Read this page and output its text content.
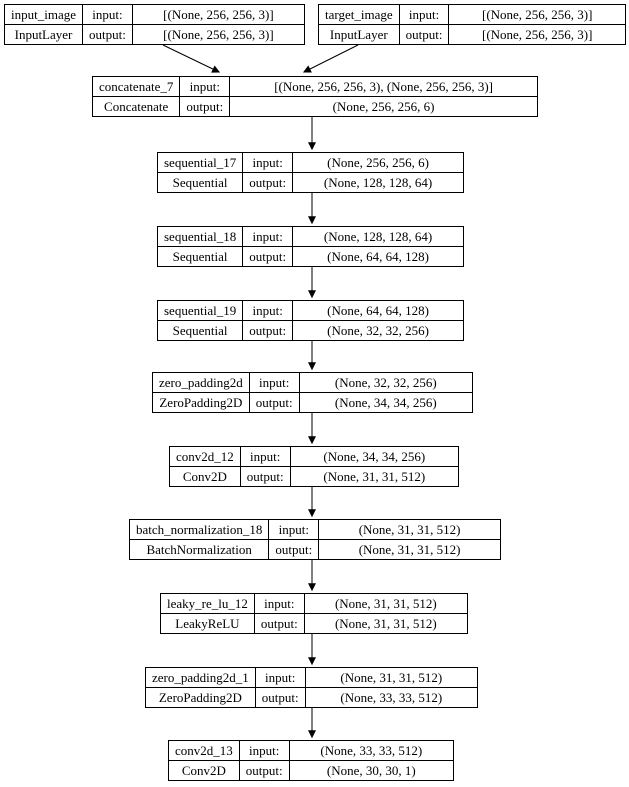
input_image	input:	[(None, 256, 256, 3)]
InputLayer	output:	[(None, 256, 256, 3)]
target_image	input:	[(None, 256, 256, 3)]
InputLayer	output:	[(None, 256, 256, 3)]
concatenate_7	input:	[(None, 256, 256, 3), (None, 256, 256, 3)]
Concatenate	output:	(None, 256, 256, 6)
sequential_17	input:	(None, 256, 256, 6)
Sequential	output:	(None, 128, 128, 64)
sequential_18	input:	(None, 128, 128, 64)
Sequential	output:	(None, 64, 64, 128)
sequential_19	input:	(None, 64, 64, 128)
Sequential	output:	(None, 32, 32, 256)
zero_padding2d	input:	(None, 32, 32, 256)
ZeroPadding2D	output:	(None, 34, 34, 256)
conv2d_12	input:	(None, 34, 34, 256)
Conv2D	output:	(None, 31, 31, 512)
batch_normalization_18	input:	(None, 31, 31, 512)
BatchNormalization	output:	(None, 31, 31, 512)
leaky_re_lu_12	input:	(None, 31, 31, 512)
LeakyReLU	output:	(None, 31, 31, 512)
zero_padding2d_1	input:	(None, 31, 31, 512)
ZeroPadding2D	output:	(None, 33, 33, 512)
conv2d_13	input:	(None, 33, 33, 512)
Conv2D	output:	(None, 30, 30, 1)
